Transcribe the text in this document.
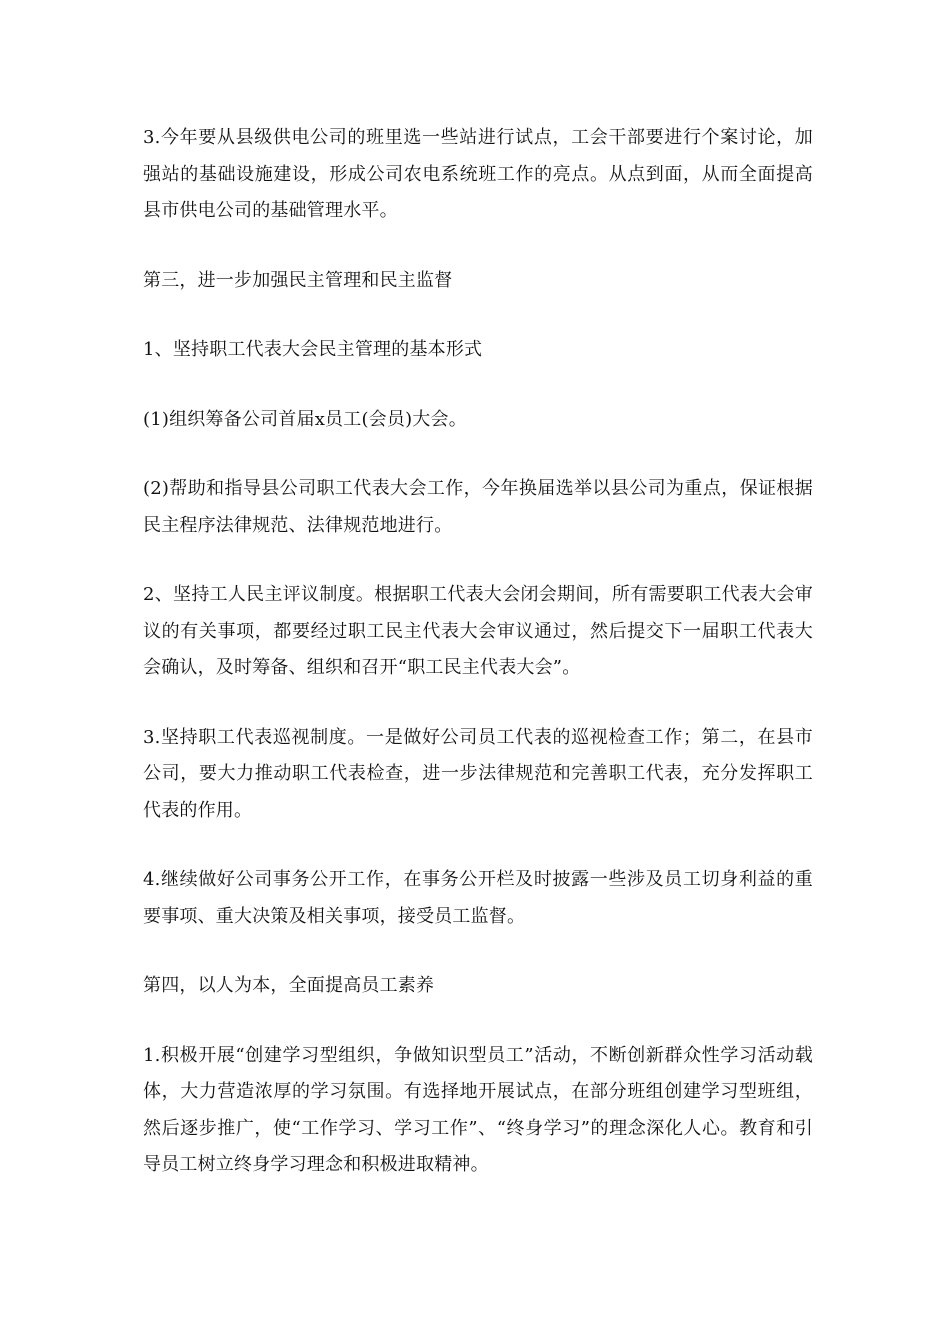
3.今年要从县级供电公司的班里选一些站进行试点，工会干部要进行个案讨论，加强站的基础设施建设，形成公司农电系统班工作的亮点。从点到面，从而全面提高县市供电公司的基础管理水平。

第三，进一步加强民主管理和民主监督

1、坚持职工代表大会民主管理的基本形式

(1)组织筹备公司首届x员工(会员)大会。

(2)帮助和指导县公司职工代表大会工作，今年换届选举以县公司为重点，保证根据民主程序法律规范、法律规范地进行。

2、坚持工人民主评议制度。根据职工代表大会闭会期间，所有需要职工代表大会审议的有关事项，都要经过职工民主代表大会审议通过，然后提交下一届职工代表大会确认，及时筹备、组织和召开“职工民主代表大会”。

3.坚持职工代表巡视制度。一是做好公司员工代表的巡视检查工作；第二，在县市公司，要大力推动职工代表检查，进一步法律规范和完善职工代表，充分发挥职工代表的作用。

4.继续做好公司事务公开工作，在事务公开栏及时披露一些涉及员工切身利益的重要事项、重大决策及相关事项，接受员工监督。

第四，以人为本，全面提高员工素养

1.积极开展“创建学习型组织，争做知识型员工”活动，不断创新群众性学习活动载体，大力营造浓厚的学习氛围。有选择地开展试点，在部分班组创建学习型班组，然后逐步推广，使“工作学习、学习工作”、“终身学习”的理念深化人心。教育和引导员工树立终身学习理念和积极进取精神。
